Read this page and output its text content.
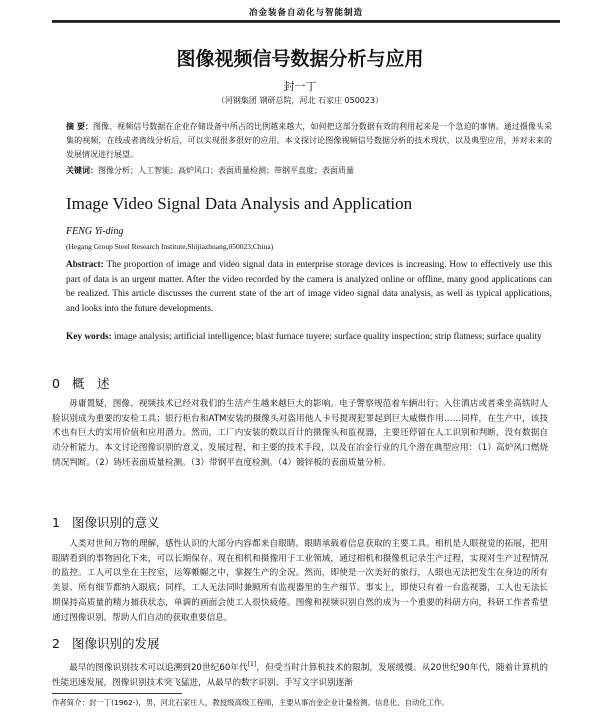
冶金装备自动化与智能制造
图像视频信号数据分析与应用
封一丁
（河钢集团 钢研总院，河北 石家庄 050023）
摘 要：图像、视频信号数据在企业存储设备中所占的比例越来越大，如何把这部分数据有效的利用起来是一个急迫的事情。通过摄像头采集的视频，在线或者离线分析后，可以实现很多很好的应用。本文探讨论图像视频信号数据分析的技术现状，以及典型应用，并对未来的发展情况进行展望。
关键词：图像分析；人工智能；高炉风口；表面质量检测；带钢平直度；表面质量
Image Video Signal Data Analysis and Application
FENG Yi-ding
(Hegang Group Steel Research Institute,Shijiazhuang,050023,China)
Abstract: The proportion of image and video signal data in enterprise storage devices is increasing. How to effectively use this part of data is an urgent matter. After the video recorded by the camera is analyzed online or offline, many good applications can be realized. This article discusses the current state of the art of image video signal data analysis, as well as typical applications, and looks into the future developments.
Key words: image analysis; artificial intelligence; blast furnace tuyere; surface quality inspection; strip flatness; surface quality
0 概　述
毋庸置疑，图像、视频技术已经对我们的生活产生越来越巨大的影响。电子警察规范着车辆出行；入住酒店或者乘坐高铁时人脸识别成为重要的安检工具；银行柜台和ATM安装的摄像头对盗用他人卡号提现犯罪起到巨大威慑作用……同样，在生产中，该技术也有巨大的实用价值和应用潜力。然而，工厂内安装的数以百计的摄像头和监视器，主要还停留在人工识别和判断，没有数据自动分析能力。本文讨论图像识别的意义、发展过程，和主要的技术手段，以及在冶金行业的几个潜在典型应用：（1）高炉风口燃烧情况判断。（2）铸坯表面质量检测。（3）带钢平直度检测。（4）镀锌板的表面质量分析。
1 图像识别的意义
人类对世间万物的理解，感性认识的大部分内容都来自眼睛。眼睛承载着信息获取的主要工具。相机是人眼视觉的拓展，把用眼睛看到的事物固化下来，可以长期保存。现在相机和摄像用于工业领域，通过相机和摄像机记录生产过程，实现对生产过程情况的监控。工人可以坐在主控室，运筹帷幄之中，掌握生产的全况。然而，即使是一次美好的旅行，人眼也无法把发生在身边的所有美景、所有细节都纳入眼底；同样，工人无法同时兼顾所有监视器里的生产细节。事实上，即使只有着一台监视器，工人也无法长期保持高质量的精力捕获状态，单调的画面会使工人很快疲倦。图像和视频识别自然的成为一个重要的科研方向，科研工作者希望通过图像识别，帮助人们自动的获取重要信息。
2 图像识别的发展
最早的图像识别技术可以追溯到20世纪60年代[1]，但受当时计算机技术的限制，发展缓慢。从20世纪90年代，随着计算机的性能迅速发展，图像识别技术突飞猛进，从最早的数字识别、手写文字识别逐渐
作者简介：封一丁(1962-)，男，河北石家庄人，教授级高级工程师，主要从事冶金企业计量检测、信息化、自动化工作。
